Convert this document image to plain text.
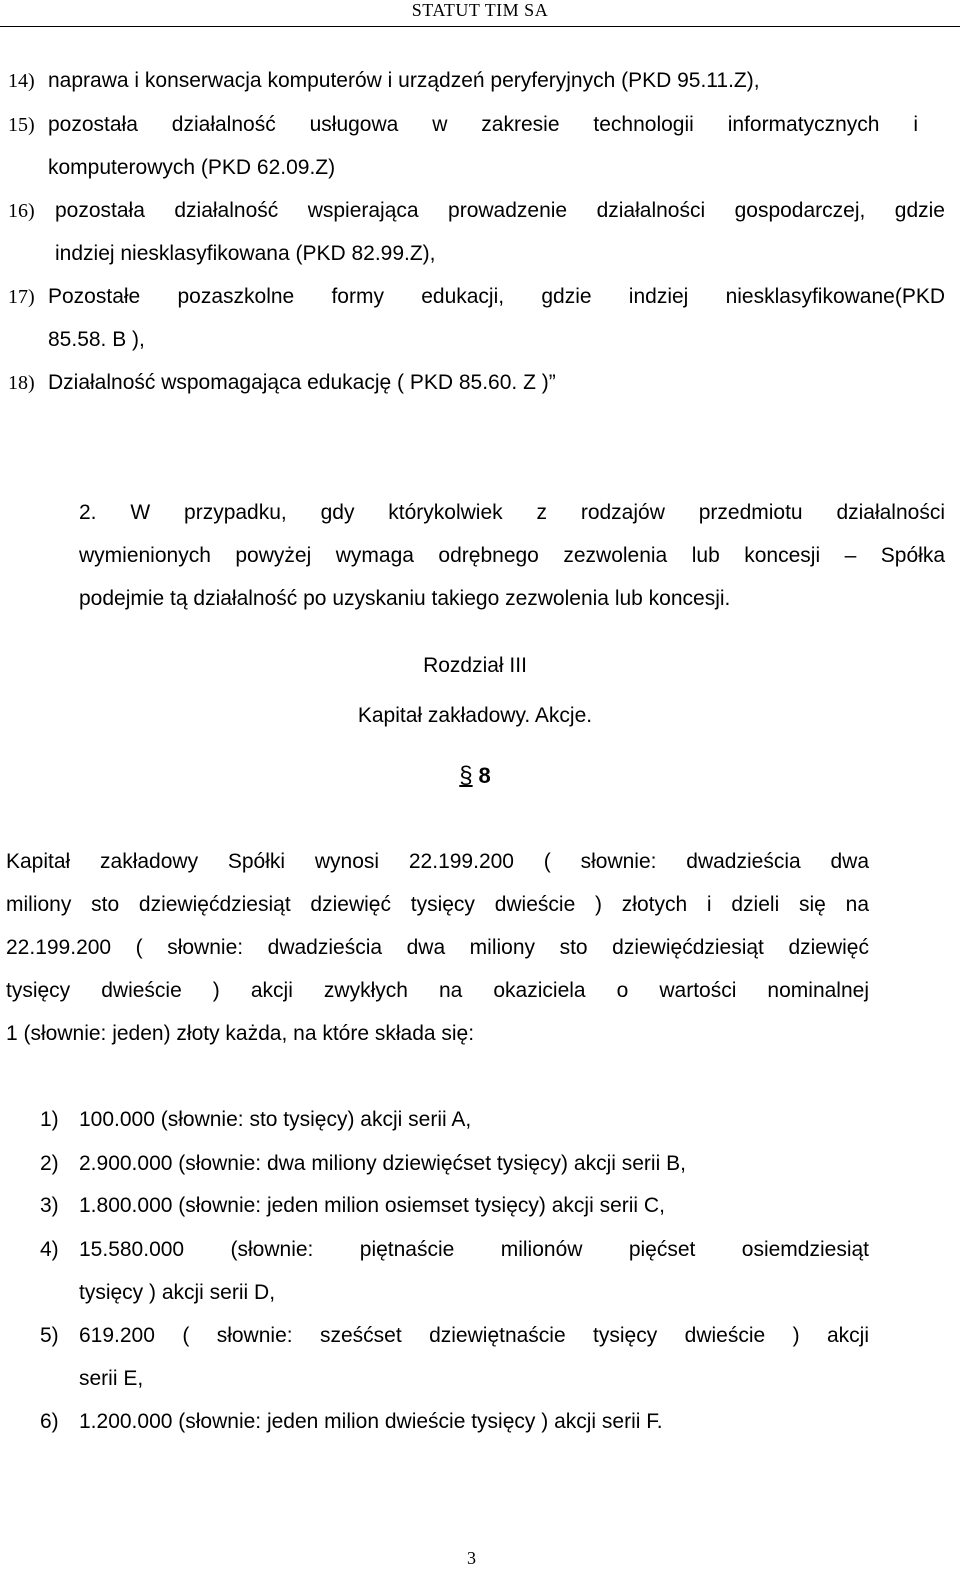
STATUT TIM SA
14) naprawa i konserwacja komputerów i urządzeń peryferyjnych (PKD 95.11.Z),
15) pozostała działalność usługowa w zakresie technologii informatycznych i
komputerowych (PKD 62.09.Z)
16) pozostała działalność wspierająca prowadzenie działalności gospodarczej, gdzie
indziej niesklasyfikowana (PKD 82.99.Z),
17) Pozostałe pozaszkolne formy edukacji, gdzie indziej niesklasyfikowane(PKD
85.58. B ),
18) Działalność wspomagająca edukację ( PKD 85.60. Z )”
2. W przypadku, gdy którykolwiek z rodzajów przedmiotu działalności
wymienionych powyżej wymaga odrębnego zezwolenia lub koncesji – Spółka
podejmie tą działalność po uzyskaniu takiego zezwolenia lub koncesji.
Rozdział III
Kapitał zakładowy. Akcje.
§ 8
Kapitał zakładowy Spółki wynosi 22.199.200 ( słownie: dwadzieścia dwa
miliony sto dziewięćdziesiąt dziewięć tysięcy dwieście ) złotych i dzieli się na
22.199.200 ( słownie: dwadzieścia dwa miliony sto dziewięćdziesiąt dziewięć
tysięcy dwieście ) akcji zwykłych na okaziciela o wartości nominalnej
1 (słownie: jeden) złoty każda, na które składa się:
1) 100.000 (słownie: sto tysięcy) akcji serii A,
2) 2.900.000 (słownie: dwa miliony dziewięćset tysięcy) akcji serii B,
3) 1.800.000 (słownie: jeden milion osiemset tysięcy) akcji serii C,
4) 15.580.000 (słownie: piętnaście milionów pięćset osiemdziesiąt
tysięcy ) akcji serii D,
5) 619.200 ( słownie: sześćset dziewiętnaście tysięcy dwieście ) akcji
serii E,
6) 1.200.000 (słownie: jeden milion dwieście tysięcy ) akcji serii F.
3
